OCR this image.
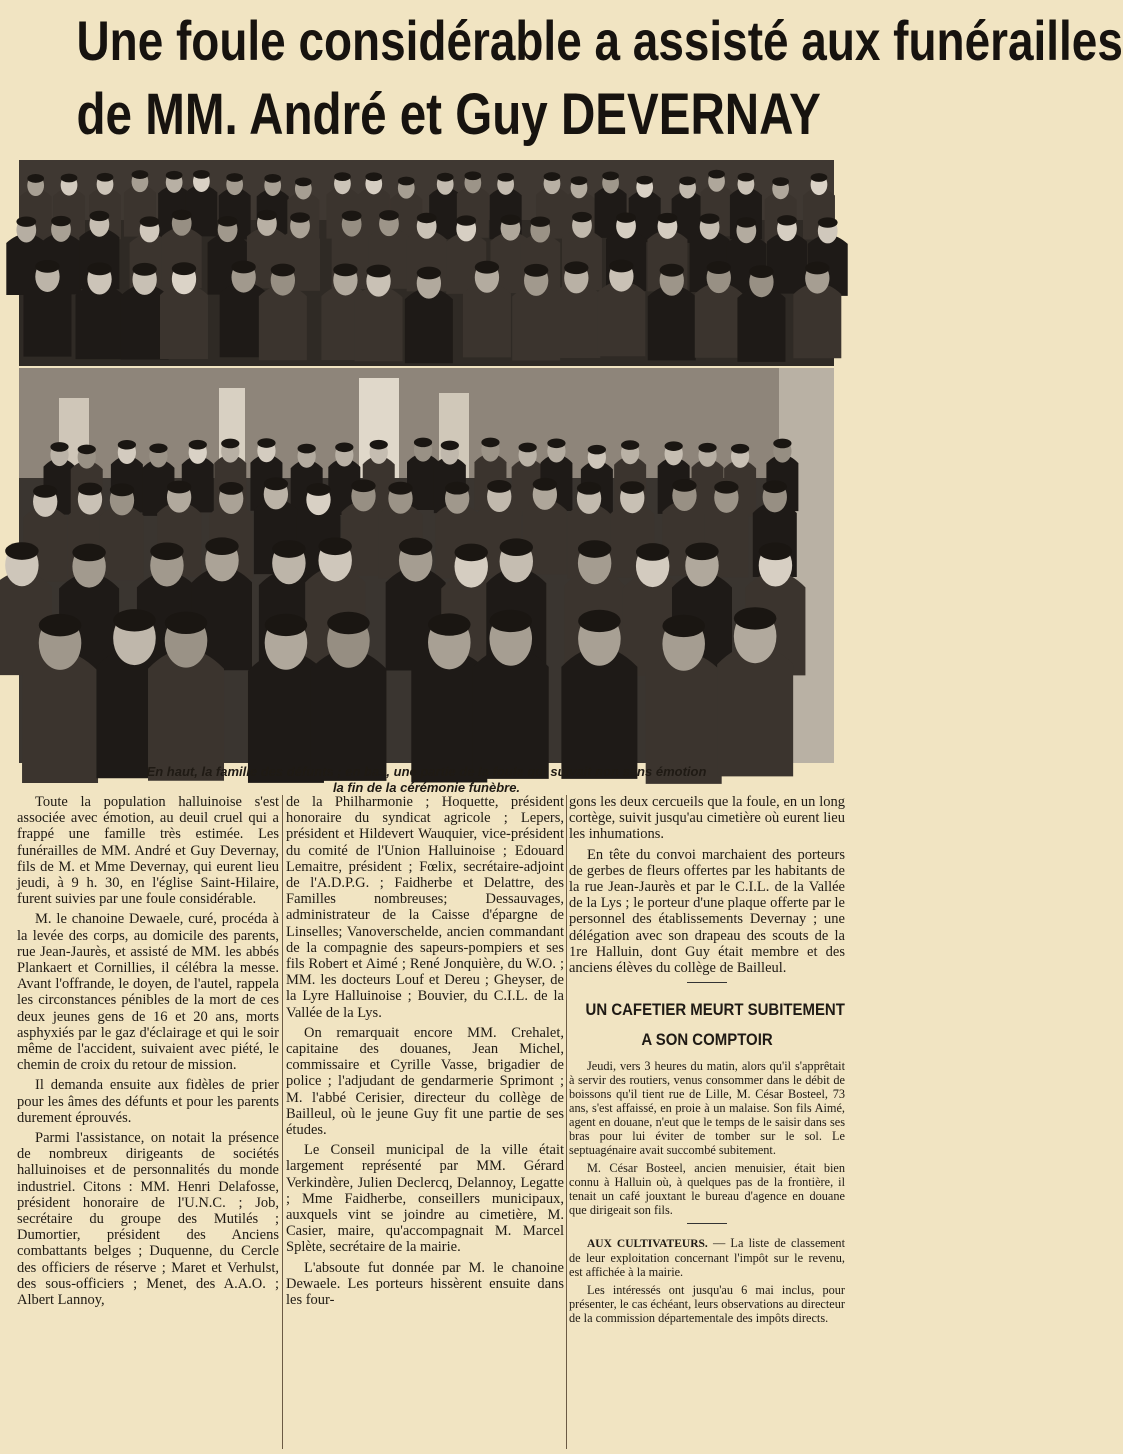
Une foule considérable a assisté aux funérailles
de MM. André et Guy DEVERNAY
En haut, la famille des défunts ; en bas, une partie de la foule qui suivait non sans émotion
la fin de la cérémonie funèbre.

Toute la population halluinoise s'est associée avec émotion, au deuil cruel qui a frappé une famille très estimée. Les funérailles de MM. André et Guy Devernay, fils de M. et Mme Devernay, qui eurent lieu jeudi, à 9 h. 30, en l'église Saint-Hilaire, furent suivies par une foule considérable.

M. le chanoine Dewaele, curé, procéda à la levée des corps, au domicile des parents, rue Jean-Jaurès, et assisté de MM. les abbés Plankaert et Cornillies, il célébra la messe. Avant l'offrande, le doyen, de l'autel, rappela les circonstances pénibles de la mort de ces deux jeunes gens de 16 et 20 ans, morts asphyxiés par le gaz d'éclairage et qui le soir même de l'accident, suivaient avec piété, le chemin de croix du retour de mission.

Il demanda ensuite aux fidèles de prier pour les âmes des défunts et pour les parents durement éprouvés.

Parmi l'assistance, on notait la présence de nombreux dirigeants de sociétés halluinoises et de personnalités du monde industriel. Citons : MM. Henri Delafosse, président honoraire de l'U.N.C. ; Job, secrétaire du groupe des Mutilés ; Dumortier, président des Anciens combattants belges ; Duquenne, du Cercle des officiers de réserve ; Maret et Verhulst, des sous-officiers ; Menet, des A.A.O. ; Albert Lannoy,

de la Philharmonie ; Hoquette, président honoraire du syndicat agricole ; Lepers, président et Hildevert Wauquier, vice-président du comité de l'Union Halluinoise ; Edouard Lemaitre, président ; Fœlix, secrétaire-adjoint de l'A.D.P.G. ; Faidherbe et Delattre, des Familles nombreuses; Dessauvages, administrateur de la Caisse d'épargne de Linselles; Vanoverschelde, ancien commandant de la compagnie des sapeurs-pompiers et ses fils Robert et Aimé ; René Jonquière, du W.O. ; MM. les docteurs Louf et Dereu ; Gheyser, de la Lyre Halluinoise ; Bouvier, du C.I.L. de la Vallée de la Lys.

On remarquait encore MM. Crehalet, capitaine des douanes, Jean Michel, commissaire et Cyrille Vasse, brigadier de police ; l'adjudant de gendarmerie Sprimont ; M. l'abbé Cerisier, directeur du collège de Bailleul, où le jeune Guy fit une partie de ses études.

Le Conseil municipal de la ville était largement représenté par MM. Gérard Verkindère, Julien Declercq, Delannoy, Legatte ; Mme Faidherbe, conseillers municipaux, auxquels vint se joindre au cimetière, M. Casier, maire, qu'accompagnait M. Marcel Splète, secrétaire de la mairie.

L'absoute fut donnée par M. le chanoine Dewaele. Les porteurs hissèrent ensuite dans les four-

gons les deux cercueils que la foule, en un long cortège, suivit jusqu'au cimetière où eurent lieu les inhumations.

En tête du convoi marchaient des porteurs de gerbes de fleurs offertes par les habitants de la rue Jean-Jaurès et par le C.I.L. de la Vallée de la Lys ; le porteur d'une plaque offerte par le personnel des établissements Devernay ; une délégation avec son drapeau des scouts de la 1re Halluin, dont Guy était membre et des anciens élèves du collège de Bailleul.

UN CAFETIER MEURT SUBITEMENT
A SON COMPTOIR

Jeudi, vers 3 heures du matin, alors qu'il s'apprêtait à servir des routiers, venus consommer dans le débit de boissons qu'il tient rue de Lille, M. César Bosteel, 73 ans, s'est affaissé, en proie à un malaise. Son fils Aimé, agent en douane, n'eut que le temps de le saisir dans ses bras pour lui éviter de tomber sur le sol. Le septuagénaire avait succombé subitement.

M. César Bosteel, ancien menuisier, était bien connu à Halluin où, à quelques pas de la frontière, il tenait un café jouxtant le bureau d'agence en douane que dirigeait son fils.

AUX CULTIVATEURS. — La liste de classement de leur exploitation concernant l'impôt sur le revenu, est affichée à la mairie.

Les intéressés ont jusqu'au 6 mai inclus, pour présenter, le cas échéant, leurs observations au directeur de la commission départementale des impôts directs.
